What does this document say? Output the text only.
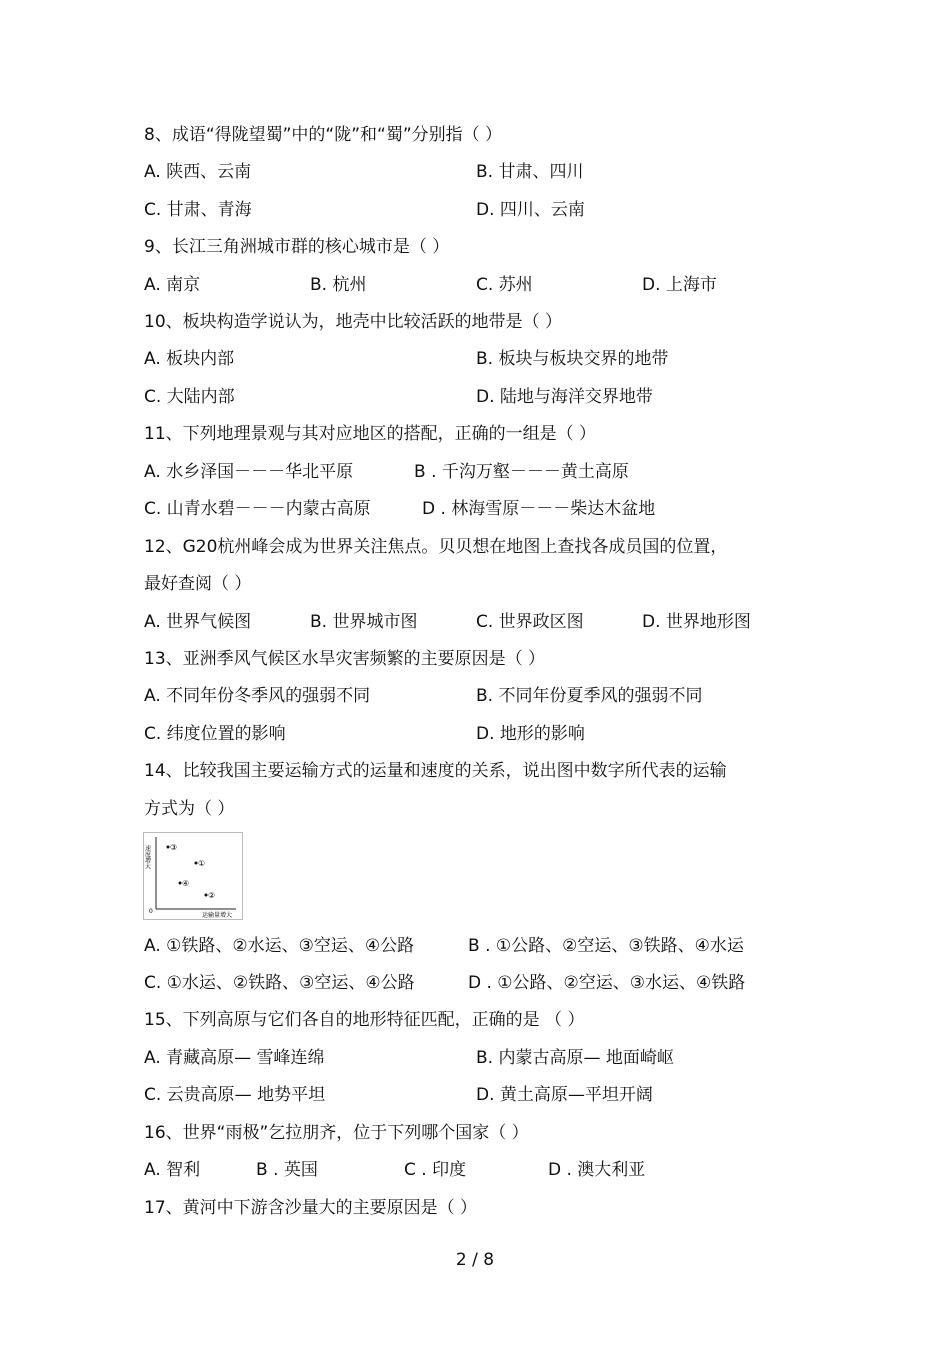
8、成语“得陇望蜀”中的“陇”和“蜀”分别指（ ）
A. 陕西、云南	B. 甘肃、四川
C. 甘肃、青海	D. 四川、云南
9、长江三角洲城市群的核心城市是（ ）
A. 南京	B. 杭州	C. 苏州	D. 上海市
10、板块构造学说认为，地壳中比较活跃的地带是（ ）
A. 板块内部	B. 板块与板块交界的地带
C. 大陆内部	D. 陆地与海洋交界地带
11、下列地理景观与其对应地区的搭配，正确的一组是（ ）
A. 水乡泽国－－－华北平原	B . 千沟万壑－－－黄土高原
C. 山青水碧－－－内蒙古高原	D . 林海雪原－－－柴达木盆地
12、G20杭州峰会成为世界关注焦点。贝贝想在地图上查找各成员国的位置，
最好查阅（ ）
A. 世界气候图	B. 世界城市图	C. 世界政区图	D. 世界地形图
13、亚洲季风气候区水旱灾害频繁的主要原因是（ ）
A. 不同年份冬季风的强弱不同	B. 不同年份夏季风的强弱不同
C. 纬度位置的影响	D. 地形的影响
14、比较我国主要运输方式的运量和速度的关系，说出图中数字所代表的运输
方式为（ ）
速度增大
0
运输量增大
③
①
④
②
A. ①铁路、②水运、③空运、④公路	B . ①公路、②空运、③铁路、④水运
C. ①水运、②铁路、③空运、④公路	D . ①公路、②空运、③水运、④铁路
15、下列高原与它们各自的地形特征匹配，正确的是 （ ）
A. 青藏高原— 雪峰连绵	B. 内蒙古高原— 地面崎岖
C. 云贵高原— 地势平坦	D. 黄土高原—平坦开阔
16、世界“雨极”乞拉朋齐，位于下列哪个国家（ ）
A. 智利	B . 英国	C . 印度	D . 澳大利亚
17、黄河中下游含沙量大的主要原因是（ ）
2 / 8
